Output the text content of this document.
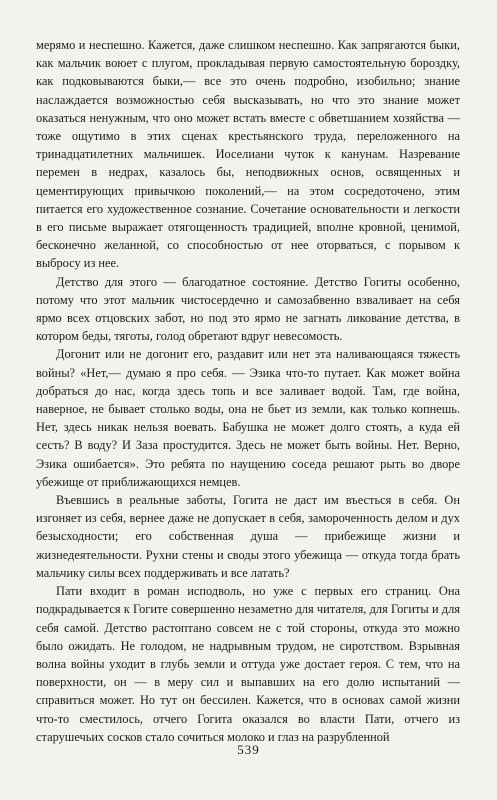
мерямо и неспешно. Кажется, даже слишком неспешно. Как запрягаются быки, как мальчик воюет с плугом, прокладывая первую самостоятельную бороздку, как подковываются быки,— все это очень подробно, изобильно; знание наслаждается возможностью себя высказывать, но что это знание может оказаться ненужным, что оно может встать вместе с обветшанием хозяйства — тоже ощутимо в этих сценах крестьянского труда, переложенного на тринадцатилетних мальчишек. Иоселиани чуток к канунам. Назревание перемен в недрах, казалось бы, неподвижных основ, освященных и цементирующих привычкою поколений,— на этом сосредоточено, этим питается его художественное сознание. Сочетание основательности и легкости в его письме выражает отягощенность традицией, вполне кровной, ценимой, бесконечно желанной, со способностью от нее оторваться, с порывом к выбросу из нее.

Детство для этого — благодатное состояние. Детство Гогиты особенно, потому что этот мальчик чистосердечно и самозабвенно взваливает на себя ярмо всех отцовских забот, но под это ярмо не загнать ликование детства, в котором беды, тяготы, голод обретают вдруг невесомость.

Догонит или не догонит его, раздавит или нет эта наливающаяся тяжесть войны? «Нет,— думаю я про себя. — Эзика что-то путает. Как может война добраться до нас, когда здесь топь и все заливает водой. Там, где война, наверное, не бывает столько воды, она не бьет из земли, как только копнешь. Нет, здесь никак нельзя воевать. Бабушка не может долго стоять, а куда ей сесть? В воду? И Заза простудится. Здесь не может быть войны. Нет. Верно, Эзика ошибается». Это ребята по наущению соседа решают рыть во дворе убежище от приближающихся немцев.

Въевшись в реальные заботы, Гогита не даст им въесться в себя. Он изгоняет из себя, вернее даже не допускает в себя, замороченность делом и дух безысходности; его собственная душа — прибежище жизни и жизнедеятельности. Рухни стены и своды этого убежища — откуда тогда брать мальчику силы всех поддерживать и все латать?

Пати входит в роман исподволь, но уже с первых его страниц. Она подкрадывается к Гогите совершенно незаметно для читателя, для Гогиты и для себя самой. Детство растоптано совсем не с той стороны, откуда это можно было ожидать. Не голодом, не надрывным трудом, не сиротством. Взрывная волна войны уходит в глубь земли и оттуда уже достает героя. С тем, что на поверхности, он — в меру сил и выпавших на его долю испытаний — справиться может. Но тут он бессилен. Кажется, что в основах самой жизни что-то сместилось, отчего Гогита оказался во власти Пати, отчего из старушечьих сосков стало сочиться молоко и глаз на разрубленной

539
